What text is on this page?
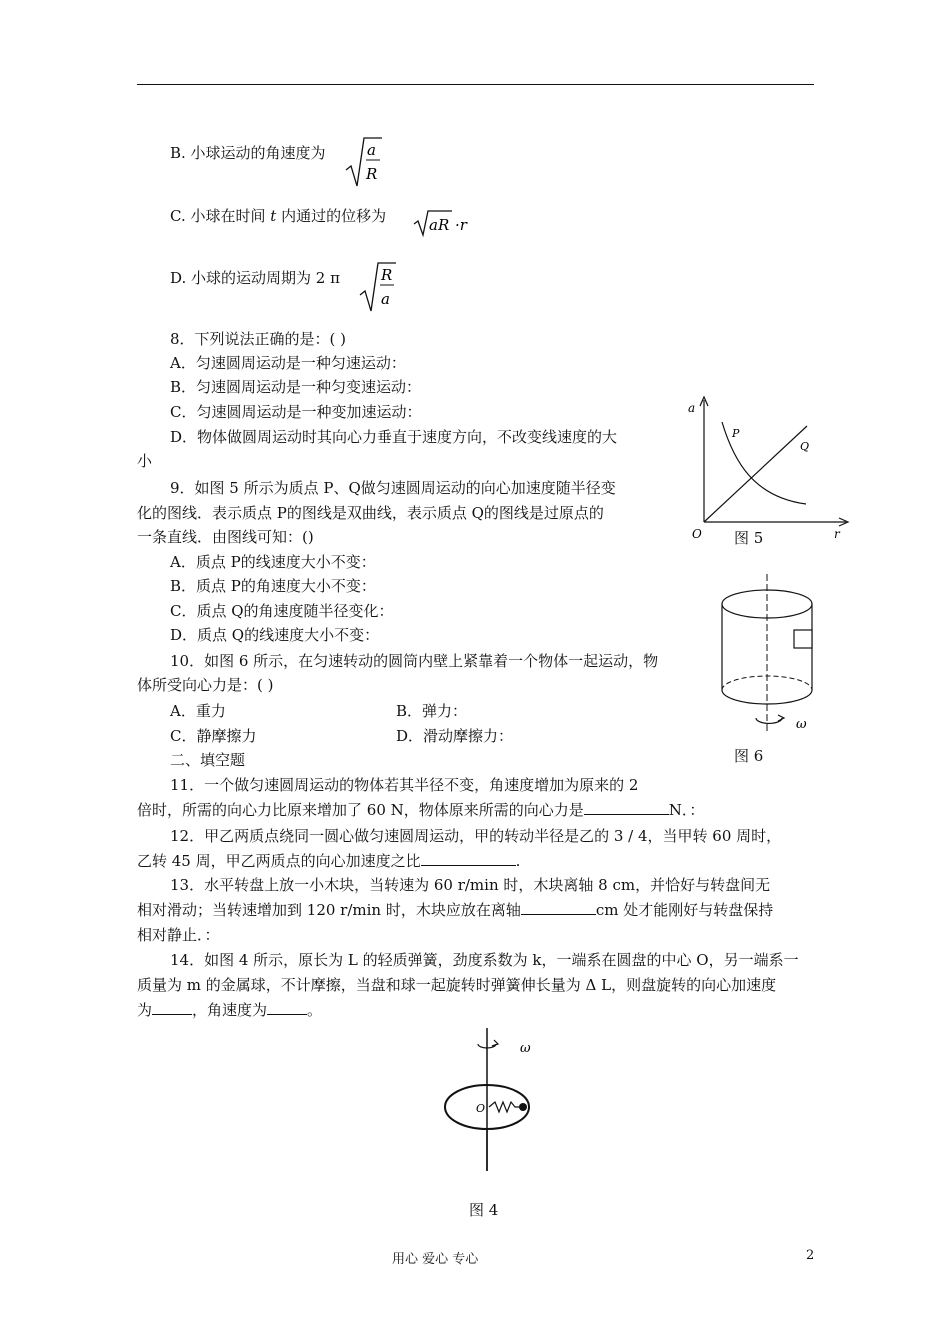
B. 小球运动的角速度为	a
R
C. 小球在时间 t 内通过的位移为	aR ·r
D. 小球的运动周期为 2 π	R
a
8．下列说法正确的是：( )
A．匀速圆周运动是一种匀速运动：
B．匀速圆周运动是一种匀变速运动：
C．匀速圆周运动是一种变加速运动：
D．物体做圆周运动时其向心力垂直于速度方向，不改变线速度的大
小
9．如图 5 所示为质点 P、Q做匀速圆周运动的向心加速度随半径变
化的图线．表示质点 P的图线是双曲线，表示质点 Q的图线是过原点的
一条直线．由图线可知：()
A．质点 P的线速度大小不变：
B．质点 P的角速度大小不变：
C．质点 Q的角速度随半径变化：
D．质点 Q的线速度大小不变：
10．如图 6 所示，在匀速转动的圆筒内壁上紧靠着一个物体一起运动，物
体所受向心力是：( )
A．重力	B．弹力：
C．静摩擦力	D．滑动摩擦力：
二、填空题
11．一个做匀速圆周运动的物体若其半径不变，角速度增加为原来的 2
倍时，所需的向心力比原来增加了 60 N，物体原来所需的向心力是	N．：
12．甲乙两质点绕同一圆心做匀速圆周运动，甲的转动半径是乙的 3 / 4，当甲转 60 周时，
乙转 45 周，甲乙两质点的向心加速度之比	.
13．水平转盘上放一小木块，当转速为 60 r/min 时，木块离轴 8 cm，并恰好与转盘间无
相对滑动；当转速增加到 120 r/min 时，木块应放在离轴	cm 处才能刚好与转盘保持
相对静止．：
14．如图 4 所示，原长为 L 的轻质弹簧，劲度系数为 k，一端系在圆盘的中心 O，另一端系一
质量为 m 的金属球，不计摩擦，当盘和球一起旋转时弹簧伸长量为 Δ L，则盘旋转的向心加速度
为	，角速度为	。
a
r
O
P
Q
图 5
ω
图 6
ω
O
图 4
用心 爱心 专心	2
